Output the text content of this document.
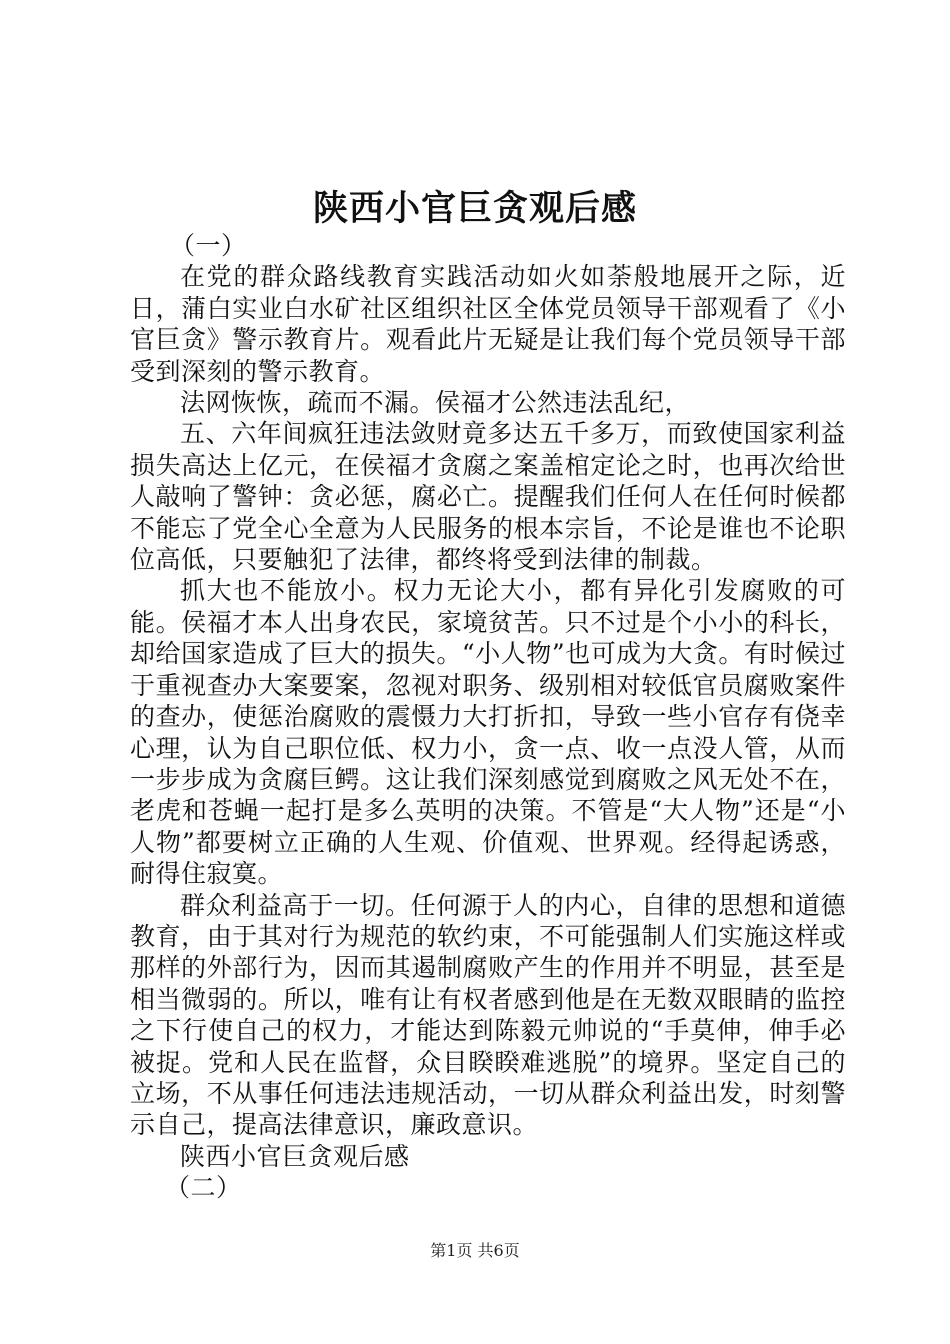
陕西小官巨贪观后感

（一）

在党的群众路线教育实践活动如火如荼般地展开之际，近日，蒲白实业白水矿社区组织社区全体党员领导干部观看了《小官巨贪》警示教育片。观看此片无疑是让我们每个党员领导干部受到深刻的警示教育。

法网恢恢，疏而不漏。侯福才公然违法乱纪，

五、六年间疯狂违法敛财竟多达五千多万，而致使国家利益损失高达上亿元，在侯福才贪腐之案盖棺定论之时，也再次给世人敲响了警钟：贪必惩，腐必亡。提醒我们任何人在任何时候都不能忘了党全心全意为人民服务的根本宗旨，不论是谁也不论职位高低，只要触犯了法律，都终将受到法律的制裁。

抓大也不能放小。权力无论大小，都有异化引发腐败的可能。侯福才本人出身农民，家境贫苦。只不过是个小小的科长，却给国家造成了巨大的损失。“小人物”也可成为大贪。有时候过于重视查办大案要案，忽视对职务、级别相对较低官员腐败案件的查办，使惩治腐败的震慑力大打折扣，导致一些小官存有侥幸心理，认为自己职位低、权力小，贪一点、收一点没人管，从而一步步成为贪腐巨鳄。这让我们深刻感觉到腐败之风无处不在，老虎和苍蝇一起打是多么英明的决策。不管是“大人物”还是“小人物”都要树立正确的人生观、价值观、世界观。经得起诱惑，耐得住寂寞。

群众利益高于一切。任何源于人的内心，自律的思想和道德教育，由于其对行为规范的软约束，不可能强制人们实施这样或那样的外部行为，因而其遏制腐败产生的作用并不明显，甚至是相当微弱的。所以，唯有让有权者感到他是在无数双眼睛的监控之下行使自己的权力，才能达到陈毅元帅说的“手莫伸，伸手必被捉。党和人民在监督，众目睽睽难逃脱”的境界。坚定自己的立场，不从事任何违法违规活动，一切从群众利益出发，时刻警示自己，提高法律意识，廉政意识。

陕西小官巨贪观后感

（二）

第1页 共6页
